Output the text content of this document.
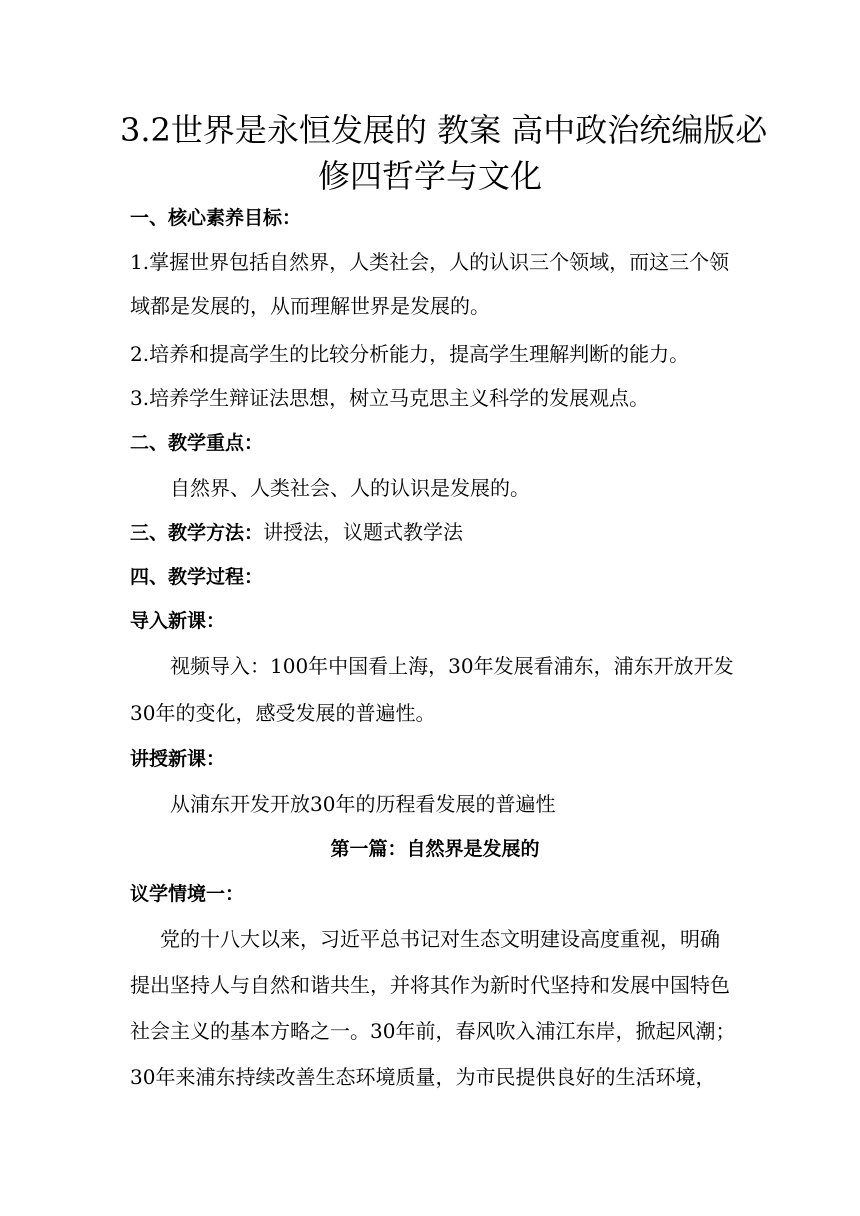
3.2世界是永恒发展的 教案 高中政治统编版必
修四哲学与文化

一、核心素养目标：

1.掌握世界包括自然界，人类社会，人的认识三个领域，而这三个领

域都是发展的，从而理解世界是发展的。

2.培养和提高学生的比较分析能力，提高学生理解判断的能力。

3.培养学生辩证法思想，树立马克思主义科学的发展观点。

二、教学重点：

自然界、人类社会、人的认识是发展的。

三、教学方法：讲授法，议题式教学法

四、教学过程：

导入新课：

视频导入：100年中国看上海，30年发展看浦东，浦东开放开发

30年的变化，感受发展的普遍性。

讲授新课：

从浦东开发开放30年的历程看发展的普遍性

第一篇：自然界是发展的

议学情境一：

党的十八大以来，习近平总书记对生态文明建设高度重视，明确

提出坚持人与自然和谐共生，并将其作为新时代坚持和发展中国特色

社会主义的基本方略之一。30年前，春风吹入浦江东岸，掀起风潮；

30年来浦东持续改善生态环境质量，为市民提供良好的生活环境，
